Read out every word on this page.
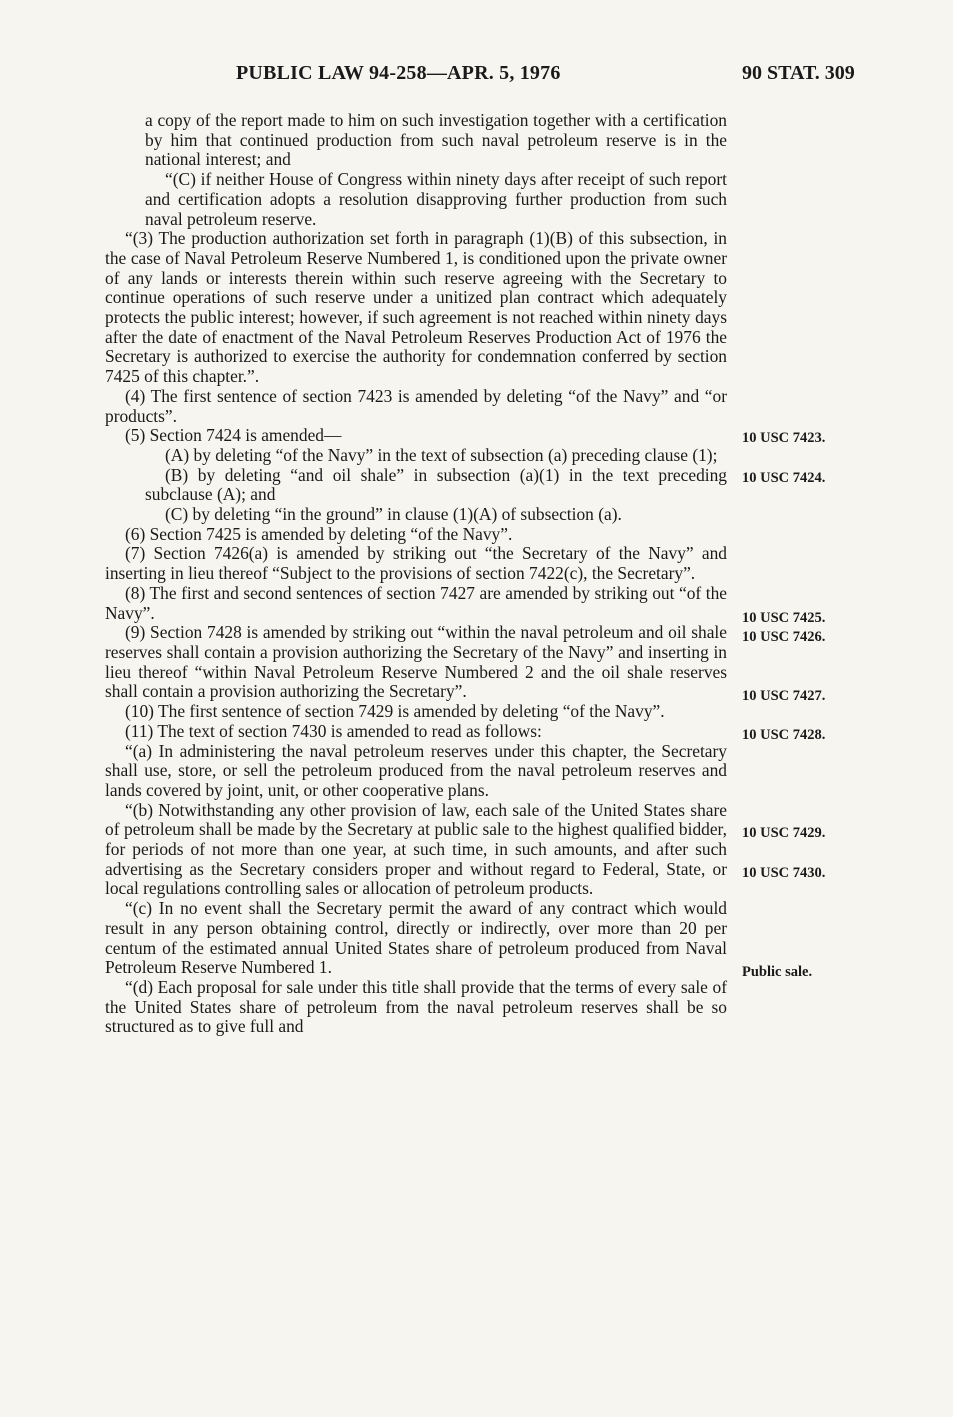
PUBLIC LAW 94-258—APR. 5, 1976	90 STAT. 309

a copy of the report made to him on such investigation together with a certification by him that continued production from such naval petroleum reserve is in the national interest; and

“(C) if neither House of Congress within ninety days after receipt of such report and certification adopts a resolution disapproving further production from such naval petroleum reserve.

“(3) The production authorization set forth in paragraph (1)(B) of this subsection, in the case of Naval Petroleum Reserve Numbered 1, is conditioned upon the private owner of any lands or interests therein within such reserve agreeing with the Secretary to continue operations of such reserve under a unitized plan contract which adequately protects the public interest; however, if such agreement is not reached within ninety days after the date of enactment of the Naval Petroleum Reserves Production Act of 1976 the Secretary is authorized to exercise the authority for condemnation conferred by section 7425 of this chapter.”.

(4) The first sentence of section 7423 is amended by deleting “of the Navy” and “or products”.

(5) Section 7424 is amended—

(A) by deleting “of the Navy” in the text of subsection (a) preceding clause (1);

(B) by deleting “and oil shale” in subsection (a)(1) in the text preceding subclause (A); and

(C) by deleting “in the ground” in clause (1)(A) of subsection (a).

(6) Section 7425 is amended by deleting “of the Navy”.

(7) Section 7426(a) is amended by striking out “the Secretary of the Navy” and inserting in lieu thereof “Subject to the provisions of section 7422(c), the Secretary”.

(8) The first and second sentences of section 7427 are amended by striking out “of the Navy”.

(9) Section 7428 is amended by striking out “within the naval petroleum and oil shale reserves shall contain a provision authorizing the Secretary of the Navy” and inserting in lieu thereof “within Naval Petroleum Reserve Numbered 2 and the oil shale reserves shall contain a provision authorizing the Secretary”.

(10) The first sentence of section 7429 is amended by deleting “of the Navy”.

(11) The text of section 7430 is amended to read as follows:

“(a) In administering the naval petroleum reserves under this chapter, the Secretary shall use, store, or sell the petroleum produced from the naval petroleum reserves and lands covered by joint, unit, or other cooperative plans.

“(b) Notwithstanding any other provision of law, each sale of the United States share of petroleum shall be made by the Secretary at public sale to the highest qualified bidder, for periods of not more than one year, at such time, in such amounts, and after such advertising as the Secretary considers proper and without regard to Federal, State, or local regulations controlling sales or allocation of petroleum products.

“(c) In no event shall the Secretary permit the award of any contract which would result in any person obtaining control, directly or indirectly, over more than 20 per centum of the estimated annual United States share of petroleum produced from Naval Petroleum Reserve Numbered 1.

“(d) Each proposal for sale under this title shall provide that the terms of every sale of the United States share of petroleum from the naval petroleum reserves shall be so structured as to give full and

10 USC 7423.
10 USC 7424.
10 USC 7425.
10 USC 7426.
10 USC 7427.
10 USC 7428.
10 USC 7429.
10 USC 7430.
Public sale.
